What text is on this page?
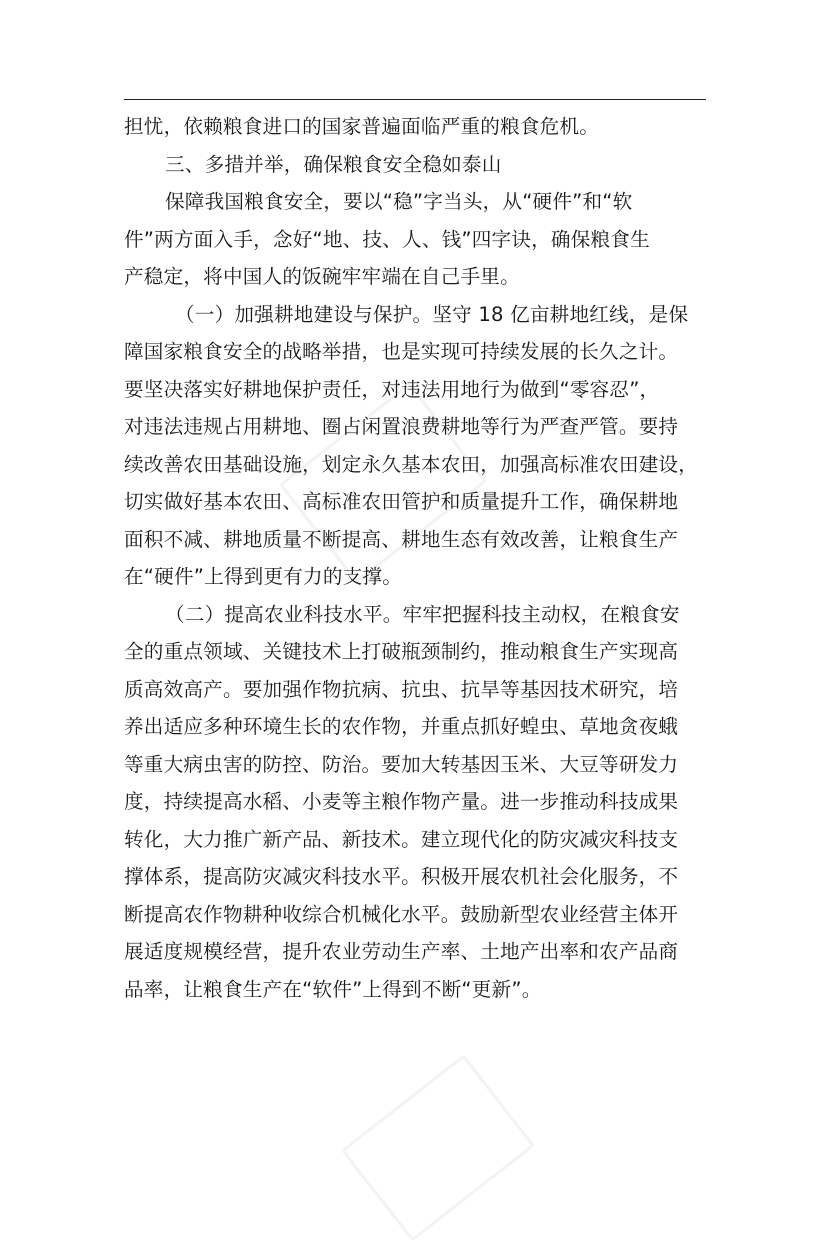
担忧，依赖粮食进口的国家普遍面临严重的粮食危机。
三、多措并举，确保粮食安全稳如泰山
保障我国粮食安全，要以“稳”字当头，从“硬件”和“软
件”两方面入手，念好“地、技、人、钱”四字诀，确保粮食生
产稳定，将中国人的饭碗牢牢端在自己手里。
（一）加强耕地建设与保护。坚守 18 亿亩耕地红线，是保
障国家粮食安全的战略举措，也是实现可持续发展的长久之计。
要坚决落实好耕地保护责任，对违法用地行为做到“零容忍”，
对违法违规占用耕地、圈占闲置浪费耕地等行为严查严管。要持
续改善农田基础设施，划定永久基本农田，加强高标准农田建设，
切实做好基本农田、高标准农田管护和质量提升工作，确保耕地
面积不减、耕地质量不断提高、耕地生态有效改善，让粮食生产
在“硬件”上得到更有力的支撑。
（二）提高农业科技水平。牢牢把握科技主动权，在粮食安
全的重点领域、关键技术上打破瓶颈制约，推动粮食生产实现高
质高效高产。要加强作物抗病、抗虫、抗旱等基因技术研究，培
养出适应多种环境生长的农作物，并重点抓好蝗虫、草地贪夜蛾
等重大病虫害的防控、防治。要加大转基因玉米、大豆等研发力
度，持续提高水稻、小麦等主粮作物产量。进一步推动科技成果
转化，大力推广新产品、新技术。建立现代化的防灾减灾科技支
撑体系，提高防灾减灾科技水平。积极开展农机社会化服务，不
断提高农作物耕种收综合机械化水平。鼓励新型农业经营主体开
展适度规模经营，提升农业劳动生产率、土地产出率和农产品商
品率，让粮食生产在“软件”上得到不断“更新”。
